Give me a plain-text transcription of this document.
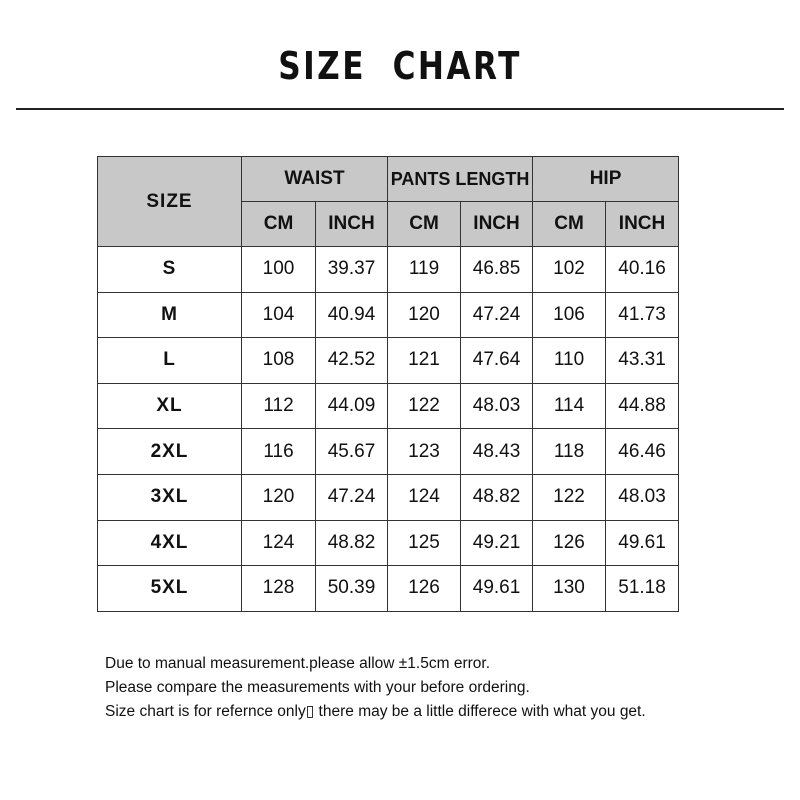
SIZE  CHART
SIZE	WAIST		PANTS LENGTH		HIP	
	CM	INCH	CM	INCH	CM	INCH
S	100	39.37	119	46.85	102	40.16
M	104	40.94	120	47.24	106	41.73
L	108	42.52	121	47.64	110	43.31
XL	112	44.09	122	48.03	114	44.88
2XL	116	45.67	123	48.43	118	46.46
3XL	120	47.24	124	48.82	122	48.03
4XL	124	48.82	125	49.21	126	49.61
5XL	128	50.39	126	49.61	130	51.18
Due to manual measurement.please allow ±1.5cm error.
Please compare the measurements with your before ordering.
Size chart is for refernce only▯ there may be a little differece with what you get.
